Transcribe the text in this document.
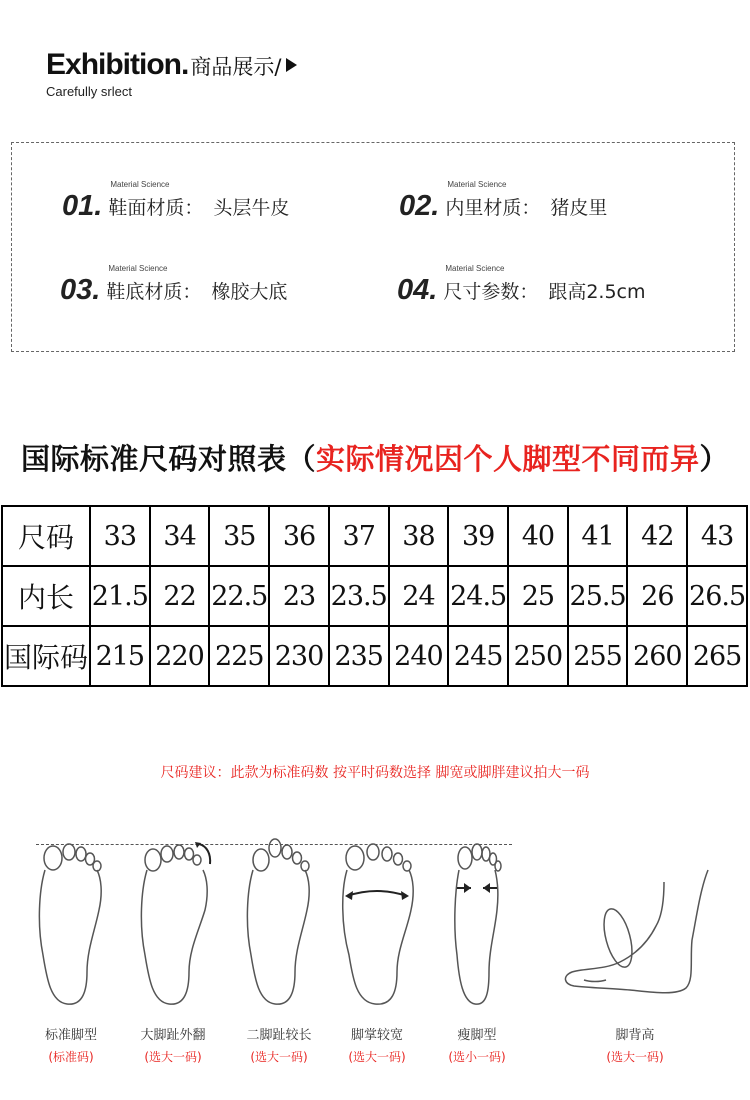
Exhibition. 商品展示/
Carefully srlect
01.
Material Science
鞋面材质： 头层牛皮	02.
Material Science
内里材质： 猪皮里
03.
Material Science
鞋底材质： 橡胶大底	04.
Material Science
尺寸参数： 跟高2.5cm
国际标准尺码对照表（实际情况因个人脚型不同而异）
尺码	33	34	35	36	37	38	39	40	41	42	43
内长	21.5	22	22.5	23	23.5	24	24.5	25	25.5	26	26.5
国际码	215	220	225	230	235	240	245	250	255	260	265
尺码建议：此款为标准码数 按平时码数选择 脚宽或脚胖建议拍大一码
标准脚型
(标准码)
大脚趾外翻
(选大一码)
二脚趾较长
(选大一码)
脚掌较宽
(选大一码)
瘦脚型
(选小一码)
脚背高
(选大一码)
